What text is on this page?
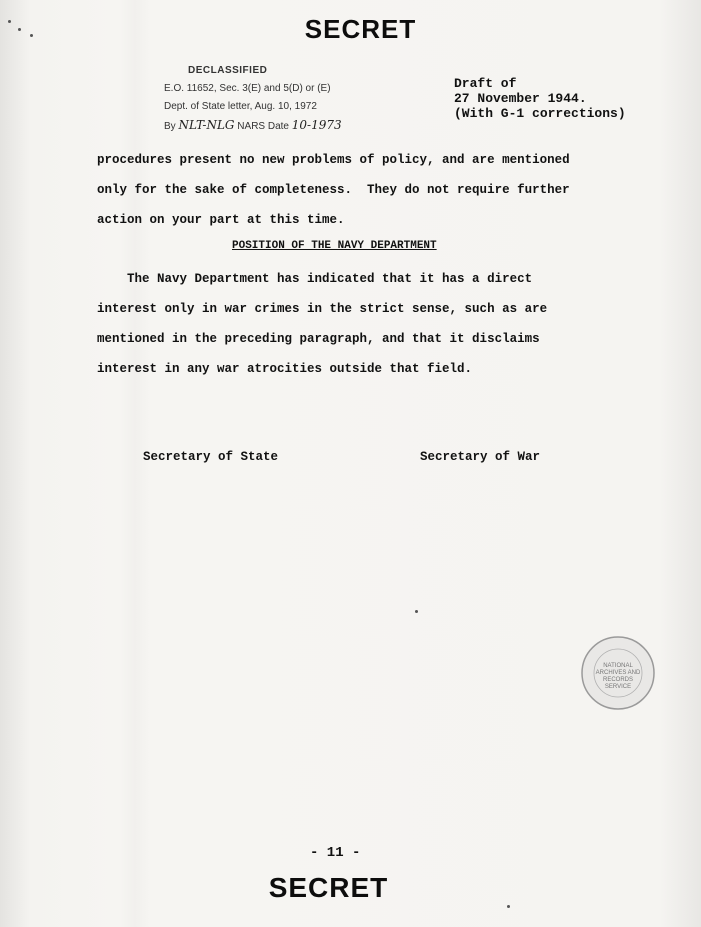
SECRET
DECLASSIFIED
E.O. 11652, Sec. 3(E) and 5(D) or (E)
Dept. of State letter, Aug. 10, 1972
By NLT-NLG NARS Date 10-1973
Draft of
27 November 1944.
(With G-1 corrections)
procedures present no new problems of policy, and are mentioned
only for the sake of completeness.  They do not require further
action on your part at this time.
POSITION OF THE NAVY DEPARTMENT
The Navy Department has indicated that it has a direct
interest only in war crimes in the strict sense, such as are
mentioned in the preceding paragraph, and that it disclaims
interest in any war atrocities outside that field.
Secretary of State	Secretary of War
NATIONAL
ARCHIVES AND
RECORDS
SERVICE
- 11 -
SECRET
